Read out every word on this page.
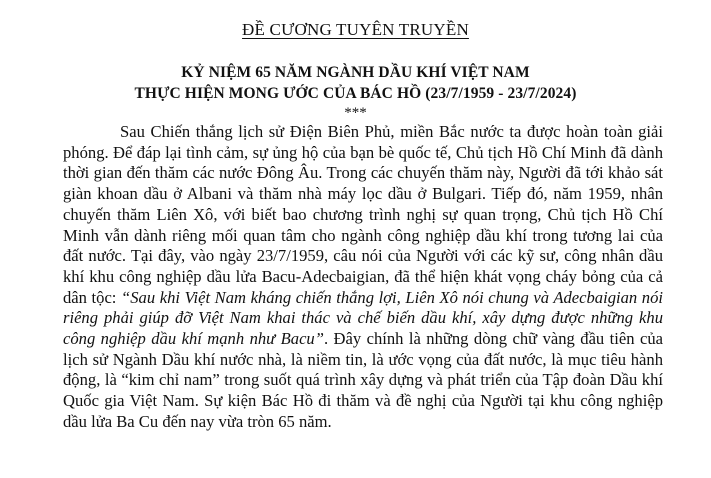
ĐỀ CƯƠNG TUYÊN TRUYỀN
KỶ NIỆM 65 NĂM NGÀNH DẦU KHÍ VIỆT NAM
THỰC HIỆN MONG ƯỚC CỦA BÁC HỒ (23/7/1959 - 23/7/2024)
***

Sau Chiến thắng lịch sử Điện Biên Phủ, miền Bắc nước ta được hoàn toàn giải phóng. Để đáp lại tình cảm, sự ủng hộ của bạn bè quốc tế, Chủ tịch Hồ Chí Minh đã dành thời gian đến thăm các nước Đông Âu. Trong các chuyến thăm này, Người đã tới khảo sát giàn khoan dầu ở Albani và thăm nhà máy lọc dầu ở Bulgari. Tiếp đó, năm 1959, nhân chuyến thăm Liên Xô, với biết bao chương trình nghị sự quan trọng, Chủ tịch Hồ Chí Minh vẫn dành riêng mối quan tâm cho ngành công nghiệp dầu khí trong tương lai của đất nước. Tại đây, vào ngày 23/7/1959, câu nói của Người với các kỹ sư, công nhân dầu khí khu công nghiệp dầu lửa Bacu-Adecbaigian, đã thể hiện khát vọng cháy bỏng của cả dân tộc: “Sau khi Việt Nam kháng chiến thắng lợi, Liên Xô nói chung và Adecbaigian nói riêng phải giúp đỡ Việt Nam khai thác và chế biến dầu khí, xây dựng được những khu công nghiệp dầu khí mạnh như Bacu”. Đây chính là những dòng chữ vàng đầu tiên của lịch sử Ngành Dầu khí nước nhà, là niềm tin, là ước vọng của đất nước, là mục tiêu hành động, là “kim chỉ nam” trong suốt quá trình xây dựng và phát triển của Tập đoàn Dầu khí Quốc gia Việt Nam. Sự kiện Bác Hồ đi thăm và đề nghị của Người tại khu công nghiệp dầu lửa Ba Cu đến nay vừa tròn 65 năm.
